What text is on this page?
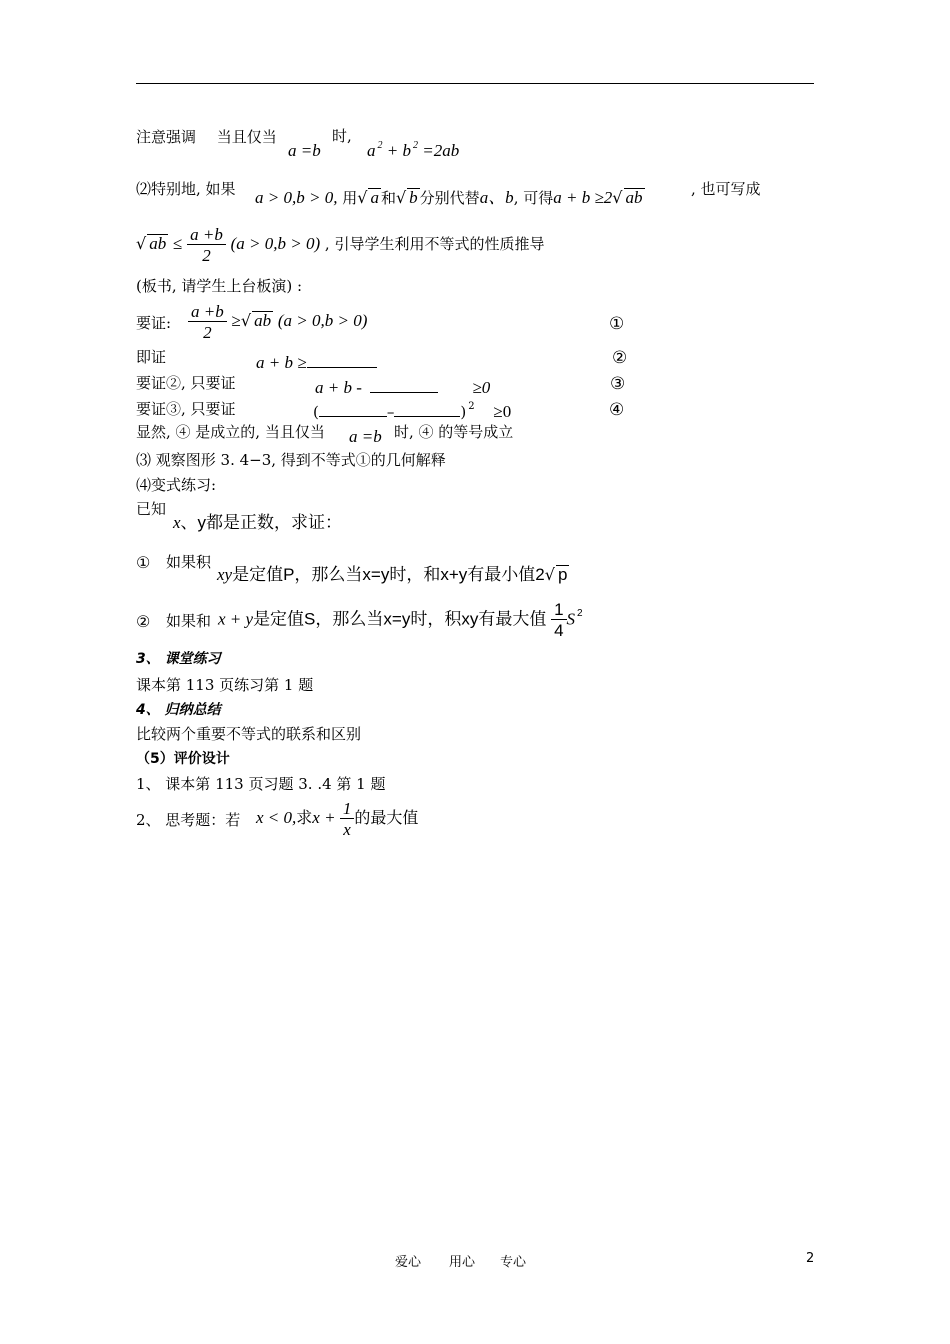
注意强调 当且仅当
a =b
时,
a $^2$ + b $^2$ =2ab
⑵特别地, 如果 a > 0,b > 0, 用√ a 和√ b 分别代替a、b, 可得a + b ≥2√ ab	, 也可写成
√ ab ≤ $\frac{a +b}{2} (a > 0,b > 0)$ , 引导学生利用不等式的性质推导
(板书, 请学生上台板演) :
要证: $\frac{a +b}{2}$ ≥√ ab (a > 0,b > 0)	①
即证	a + b ≥	②
要证②, 只要证	a + b -	≥0	③
要证③, 只要证	(	–	) $^2$ ≥0	④
显然, ④ 是成立的, 当且仅当 a =b 时, ④ 的等号成立
⑶ 观察图形 3. 4−3, 得到不等式①的几何解释
⑷变式练习:
已知
x、y都是正数，求证：
① 如果积
xy是定值P，那么当x=y时，和x+y有最小值2√ p
② 如果和 x + y是定值S，那么当x=y时，积xy有最大值 $\frac{1}{4}$ S $^2$
3、 课堂练习
课本第 113 页练习第 1 题
4、 归纳总结
比较两个重要不等式的联系和区别
（5）评价设计
1、 课本第 113 页习题 3. .4 第 1 题
2、 思考题：若 x < 0,求$x + \frac{1}{x}$ 的最大值
爱心 用心 专心	2
